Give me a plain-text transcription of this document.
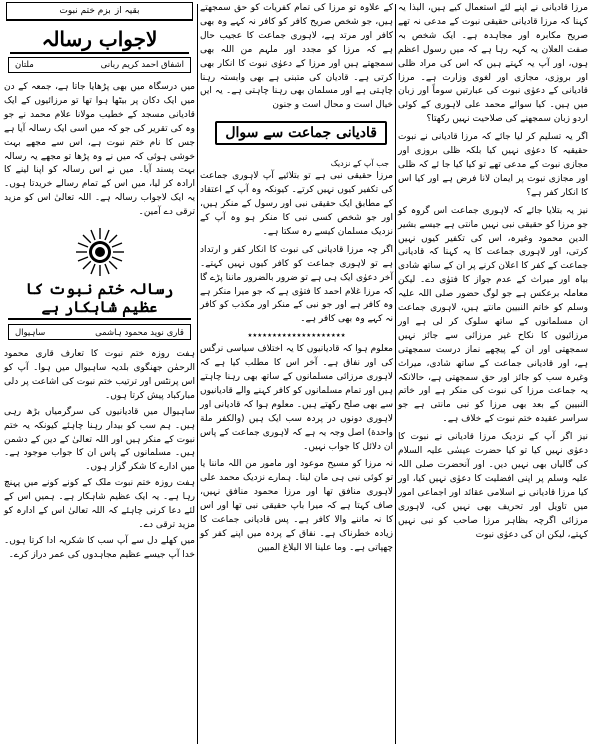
مرزا قادیانی نے اپنے لئے استعمال کیے ہیں، البذا یہ کہنا کہ مرزا قادیانی حقیقی نبوت کے مدعی نہ تھے صریح مکابرہ اور مجاہدہ ہے۔ ایک شخص بہ صفت العلان یہ کہہ رہا ہے کہ میں رسول اعظم ہوں، اور آپ یہ کہتے ہیں کہ اس کی مراد ظلی اور بروزی، مجازی اور لغوی وزارت ہے۔ مرزا قادیانی کے دعوٰی نبوت کی عبارتیں سوماً اور زبان میں ہیں۔ کیا سوائے محمد علی لاہوری کے کوئی اردو زبان سمجھنے کی صلاحیت نہیں رکھتا؟

اگر یہ تسلیم کر لیا جائے کہ مرزا قادیانی نے نبوت حقیقیہ کا دعوٰی نہیں کیا بلکہ ظلی بروزی اور مجازی نبوت کے مدعی تھے تو کیا کیا جا ئے کہ ظلی اور مجازی نبوت پر ایمان لانا فرض ہے اور کیا اس کا انکار کفر ہے؟

نیز یہ بتلایا جائے کہ لاہوری جماعت اس گروہ کو جو مرزا کو حقیقی نبی نہیں مانتی ہے جیسے بشیر الدین محمود وغیرہ، اس کی تکفیر کیوں نہیں کرتی، اور لاہوری جماعت کا یہ کہنا کہ قادیانی جماعت کے کفر کا اعلان کرنے پر ان کے ساتھ شادی بیاہ اور میراث کے عدم جواز کا فتوٰی دے۔ لیکن معاملہ برعکس ہے جو لوگ حضور صلی اللہ علیہ وسلم کو خاتم النبیین مانتے ہیں، لاہوری جماعت ان مسلمانوں کے ساتھ سلوک کر لی ہے اور مرزائیوں کا نکاح غیر مرزائی سے جائز نہیں سمجھتی اور ان کے پیچھے نماز درست سمجھتی ہے، اور قادیانی جماعت کے ساتھ شادی، میراث وغیرہ سب کو جائز اور حق سمجھتی ہے، حالانکہ یہ جماعت مرزا کی نبوت کی منکر ہے اور خاتم النبیین کے بعد بھی مرزا کو نبی مانتی ہے جو سراسر عقیدہ ختم نبوت کے خلاف ہے۔

نیز اگر آپ کے نزدیک مرزا قادیانی نے نبوت کا دعوٰی نہیں کیا تو کیا حضرت عیسٰی علیہ السلام کی گالیاں بھی نہیں دیں۔ اور آنحضرت صلی اللہ علیہ وسلم پر اپنی افضلیت کا دعوٰی نہیں کیا، اور کیا مرزا قادیانی نے اسلامی عقائد اور اجماعی امور میں تاویل اور تحریف بھی نہیں کی، لاہوری مرزائی اگرچہ بظاہر مرزا صاحب کو نبی نہیں کہتے، لیکن ان کی دعوٰی نبوت

کے علاوہ تو مرزا کی تمام کفریات کو حق سمجھتے ہیں، جو شخص صریح کافر کو کافر نہ کہے وہ بھی کافر اور مرتد ہے، لاہوری جماعت کا عجیب حال ہے کہ مرزا کو مجدد اور ملہم من اللہ بھی سمجھتے ہیں اور مرزا کے دعوٰی نبوت کا انکار بھی کرتی ہے۔ قادیان کی متبنی ہے بھی وابستہ رہنا چاہتی ہے اور مسلمان بھی رہنا چاہتی ہے۔ یہ ایں خیال است و محال است و جنون

قادیانی جماعت سے سوال جب آپ کے نزدیک

مرزا حقیقی نبی ہے تو بتلائیے آپ لاہوری جماعت کی تکفیر کیوں نہیں کرتے۔ کیونکہ وہ آپ کے اعتقاد کے مطابق ایک حقیقی نبی اور رسول کے منکر ہیں، اور جو شخص کسی نبی کا منکر ہو وہ آپ کے نزدیک مسلمان کیسے رہ سکتا ہے۔

اگر چہ مرزا قادیانی کی نبوت کا انکار کفر و ارتداد ہے تو لاہوری جماعت کو کافر کیوں نہیں کہتے۔ آخر دعوٰی ایک ہی ہے تو ضرور بالضرور ماننا پڑے گا کہ مرزا غلام احمد کا فتوٰی ہے کہ جو میرا منکر ہے وہ کافر ہے اور جو نبی کے منکر اور مکذب کو کافر نہ کہے وہ بھی کافر ہے۔

٭٭٭٭٭٭٭٭٭٭٭٭٭٭٭٭٭٭٭٭

معلوم ہوا کہ قادیانیوں کا یہ اختلاف سیاسی نرگس کی اور نفاق ہے۔ آخر اس کا مطلب کیا ہے کہ لاہوری مرزائی مسلمانوں کے ساتھ بھی رہنا چاہتے ہیں اور تمام مسلمانوں کو کافر کہنے والے قادیانیوں سے بھی صلح رکھتے ہیں۔ معلوم ہوا کہ قادیانی اور لاہوری دونوں در پردہ سب ایک ہیں (والکفر ملة واحدة) اصل وجہ یہ ہے کہ لاہوری جماعت کے پاس ان دلائل کا جواب نہیں۔

نہ مرزا کو مسیح موعود اور مامور من اللہ ماننا یا تو کوئی نبی ہی مان لینا۔ ہمارے نزدیک محمد علی لاہوری منافق تھا اور مرزا محمود منافق نہیں، صاف کہتا ہے کہ میرا باپ حقیقی نبی تھا اور اس کا نہ ماننے والا کافر ہے۔ پس قادیانی جماعت کا زیادہ خطرناک ہے۔ نفاق کے پردہ میں اپنے کفر کو چھپاتی ہے۔ وما علینا الا البلاغ المبین

بقیہ از
بزم ختم نبوت
لاجواب رسالہ
اشفاق احمد کریم ربانی
ملتان

میں درسگاہ میں بھی پڑھایا جاتا ہے، جمعہ کے دن میں ایک دکان پر بیٹھا ہوا تھا تو مرزائیوں کے ایک قادیانی مسجد کے خطیب مولانا علام محمد نے جو وہ کی تقریر کی جو کہ میں اسی ایک رسالہ آیا ہے جس کا نام ختم نبوت ہے، اس سے مجھے بہت خوشی ہوئی کہ میں نے وہ پڑھا تو مجھے یہ رسالہ بہت پسند آیا۔ میں نے اس رسالہ کو اپنا لینے کا ارادہ کر لیا، میں اس کے تمام رسالے خریدتا ہوں۔ یہ ایک لاجواب رسالہ ہے۔ اللہ تعالیٰ اس کو مزید ترقی دے آمین۔

رسالہ ختم نبوت کا عظیم شاہکار ہے
قاری نوید محمود ہاشمی
ساہیوال

ہفت روزہ ختم نبوت کا تعارف قاری محمود الرحمٰن جھنگوی بلدیہ ساہیوال میں ہوا۔ آپ کو اس پرنٹس اور ترتیب ختم نبوت کی اشاعت پر دلی مبارکباد پیش کرتا ہوں۔

ساہیوال میں قادیانیوں کی سرگرمیاں بڑھ رہی ہیں۔ ہم سب کو بیدار رہنا چاہئے کیونکہ یہ ختم نبوت کے منکر ہیں اور اللہ تعالیٰ کے دین کے دشمن ہیں۔ مسلمانوں کے پاس ان کا جواب موجود ہے۔ میں ادارے کا شکر گزار ہوں۔

ہفت روزہ ختم نبوت ملک کے کونے کونے میں پہنچ رہا ہے۔ یہ ایک عظیم شاہکار ہے۔ ہمیں اس کے لئے دعا کرنی چاہئے کہ اللہ تعالیٰ اس کے ادارہ کو مزید ترقی دے۔

میں کھلے دل سے آپ سب کا شکریہ ادا کرتا ہوں۔ خدا آپ جیسے عظیم مجاہدوں کی عمر دراز کرے۔
